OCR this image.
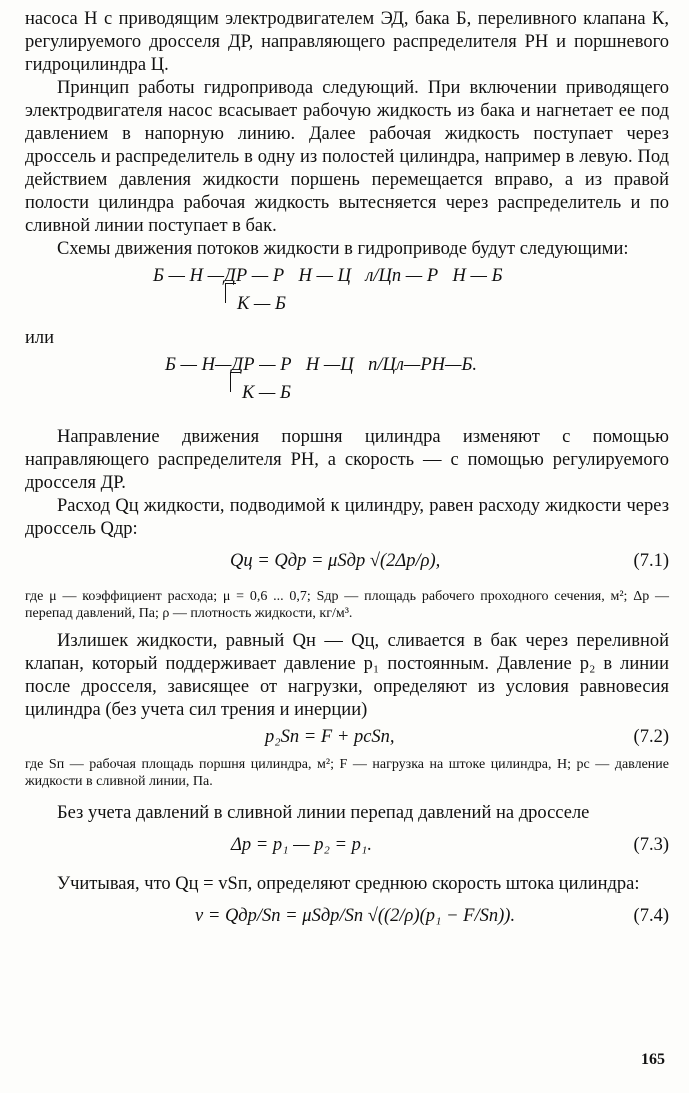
насоса Н с приводящим электродвигателем ЭД, бака Б, переливного клапана К, регулируемого дросселя ДР, направляющего распределителя РН и поршневого гидроцилиндра Ц.

Принцип работы гидропривода следующий. При включении приводящего электродвигателя насос всасывает рабочую жидкость из бака и нагнетает ее под давлением в напорную линию. Далее рабочая жидкость поступает через дроссель и распределитель в одну из полостей цилиндра, например в левую. Под действием давления жидкости поршень перемещается вправо, а из правой полости цилиндра рабочая жидкость вытесняется через распределитель и по сливной линии поступает в бак.

Схемы движения потоков жидкости в гидроприводе будут следующими:

Б — Н —ДР — Р⃗Н — Ц⃗л/Цп — Р⃗Н — Б
К — Б

или

Б — Н—ДР — Р⃖Н —Ц⃖п/Цл—РН—Б.
К — Б

Направление движения поршня цилиндра изменяют с помощью направляющего распределителя РН, а скорость — с помощью регулируемого дросселя ДР.

Расход Qц жидкости, подводимой к цилиндру, равен расходу жидкости через дроссель Qдр:

Qц = Qдр = μSдр √(2Δp/ρ),	(7.1)

где μ — коэффициент расхода; μ = 0,6 ... 0,7; Sдр — площадь рабочего проходного сечения, м²; Δp — перепад давлений, Па; ρ — плотность жидкости, кг/м³.

Излишек жидкости, равный Qн — Qц, сливается в бак через переливной клапан, который поддерживает давление p₁ постоянным. Давление p₂ в линии после дросселя, зависящее от нагрузки, определяют из условия равновесия цилиндра (без учета сил трения и инерции)

p₂Sп = F + pсSп,	(7.2)

где Sп — рабочая площадь поршня цилиндра, м²; F — нагрузка на штоке цилиндра, Н; pс — давление жидкости в сливной линии, Па.

Без учета давлений в сливной линии перепад давлений на дросселе

Δp = p₁ — p₂ = p₁.	(7.3)

Учитывая, что Qц = vSп, определяют среднюю скорость штока цилиндра:

v = Qдр/Sп = μSдр/Sп √((2/ρ)(p₁ − F/Sп)).	(7.4)
165
